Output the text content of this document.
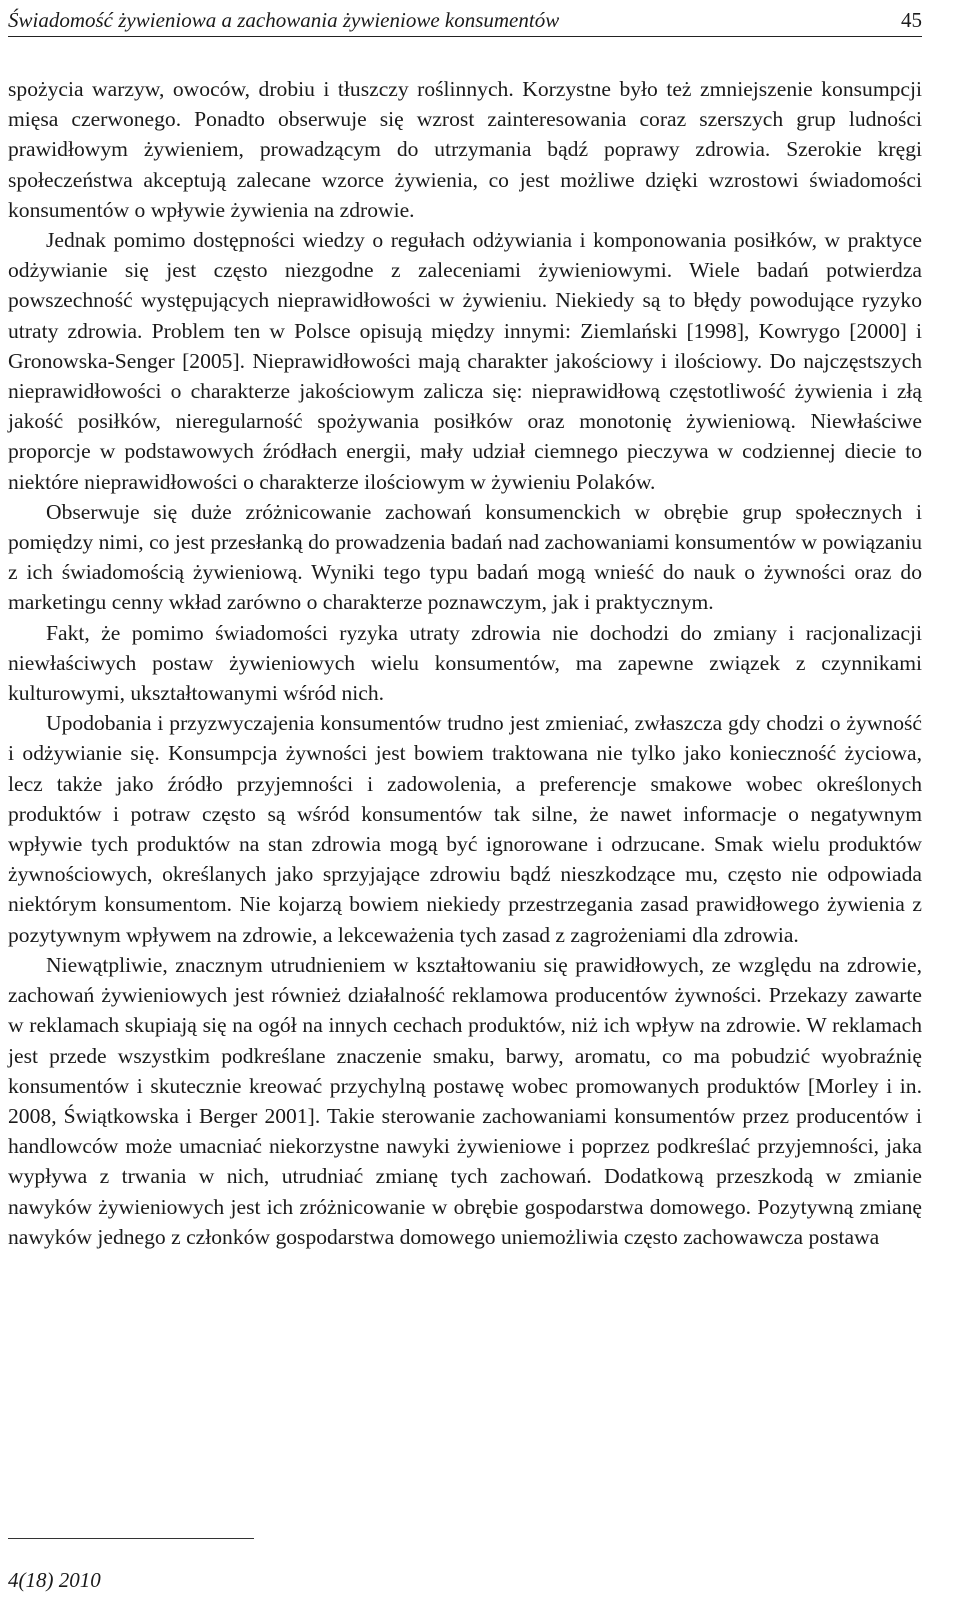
Świadomość żywieniowa a zachowania żywieniowe konsumentów	45

spożycia warzyw, owoców, drobiu i tłuszczy roślinnych. Korzystne było też zmniejszenie konsumpcji mięsa czerwonego. Ponadto obserwuje się wzrost zainteresowania coraz szerszych grup ludności prawidłowym żywieniem, prowadzącym do utrzymania bądź poprawy zdrowia. Szerokie kręgi społeczeństwa akceptują zalecane wzorce żywienia, co jest możliwe dzięki wzrostowi świadomości konsumentów o wpływie żywienia na zdrowie.

Jednak pomimo dostępności wiedzy o regułach odżywiania i komponowania posiłków, w praktyce odżywianie się jest często niezgodne z zaleceniami żywieniowymi. Wiele badań potwierdza powszechność występujących nieprawidłowości w żywieniu. Niekiedy są to błędy powodujące ryzyko utraty zdrowia. Problem ten w Polsce opisują między innymi: Ziemlański [1998], Kowrygo [2000] i Gronowska-Senger [2005]. Nieprawidłowości mają charakter jakościowy i ilościowy. Do najczęstszych nieprawidłowości o charakterze jakościowym zalicza się: nieprawidłową częstotliwość żywienia i złą jakość posiłków, nieregularność spożywania posiłków oraz monotonię żywieniową. Niewłaściwe proporcje w podstawowych źródłach energii, mały udział ciemnego pieczywa w codziennej diecie to niektóre nieprawidłowości o charakterze ilościowym w żywieniu Polaków.

Obserwuje się duże zróżnicowanie zachowań konsumenckich w obrębie grup społecznych i pomiędzy nimi, co jest przesłanką do prowadzenia badań nad zachowaniami konsumentów w powiązaniu z ich świadomością żywieniową. Wyniki tego typu badań mogą wnieść do nauk o żywności oraz do marketingu cenny wkład zarówno o charakterze poznawczym, jak i praktycznym.

Fakt, że pomimo świadomości ryzyka utraty zdrowia nie dochodzi do zmiany i racjonalizacji niewłaściwych postaw żywieniowych wielu konsumentów, ma zapewne związek z czynnikami kulturowymi, ukształtowanymi wśród nich.

Upodobania i przyzwyczajenia konsumentów trudno jest zmieniać, zwłaszcza gdy chodzi o żywność i odżywianie się. Konsumpcja żywności jest bowiem traktowana nie tylko jako konieczność życiowa, lecz także jako źródło przyjemności i zadowolenia, a preferencje smakowe wobec określonych produktów i potraw często są wśród konsumentów tak silne, że nawet informacje o negatywnym wpływie tych produktów na stan zdrowia mogą być ignorowane i odrzucane. Smak wielu produktów żywnościowych, określanych jako sprzyjające zdrowiu bądź nieszkodzące mu, często nie odpowiada niektórym konsumentom. Nie kojarzą bowiem niekiedy przestrzegania zasad prawidłowego żywienia z pozytywnym wpływem na zdrowie, a lekceważenia tych zasad z zagrożeniami dla zdrowia.

Niewątpliwie, znacznym utrudnieniem w kształtowaniu się prawidłowych, ze względu na zdrowie, zachowań żywieniowych jest również działalność reklamowa producentów żywności. Przekazy zawarte w reklamach skupiają się na ogół na innych cechach produktów, niż ich wpływ na zdrowie. W reklamach jest przede wszystkim podkreślane znaczenie smaku, barwy, aromatu, co ma pobudzić wyobraźnię konsumentów i skutecznie kreować przychylną postawę wobec promowanych produktów [Morley i in. 2008, Świątkowska i Berger 2001]. Takie sterowanie zachowaniami konsumentów przez producentów i handlowców może umacniać niekorzystne nawyki żywieniowe i poprzez podkreślać przyjemności, jaka wypływa z trwania w nich, utrudniać zmianę tych zachowań. Dodatkową przeszkodą w zmianie nawyków żywieniowych jest ich zróżnicowanie w obrębie gospodarstwa domowego. Pozytywną zmianę nawyków jednego z członków gospodarstwa domowego uniemożliwia często zachowawcza postawa

4(18) 2010
